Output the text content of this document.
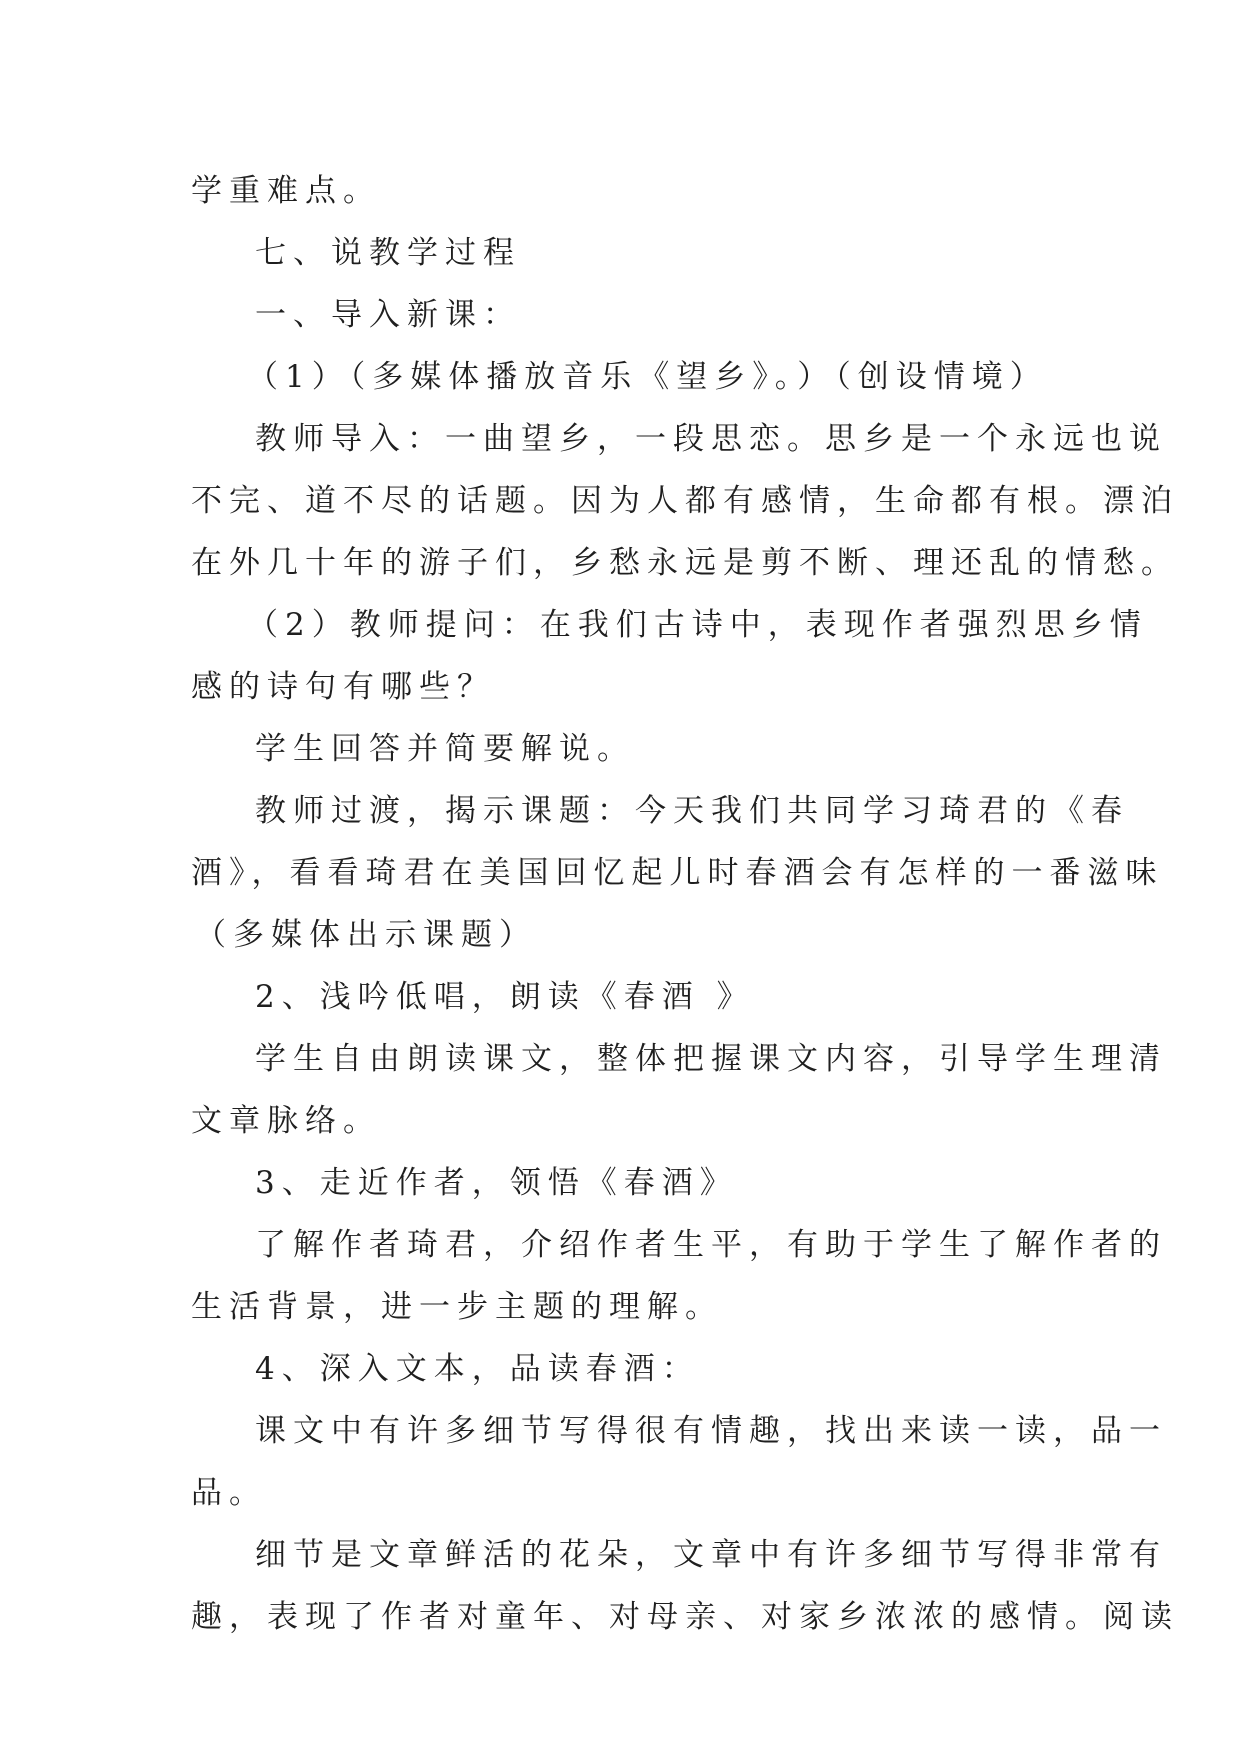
学重难点。
七、说教学过程
一、导入新课：
（1）（多媒体播放音乐《望乡》。）（创设情境）
教师导入：一曲望乡，一段思恋。思乡是一个永远也说
不完、道不尽的话题。因为人都有感情，生命都有根。漂泊
在外几十年的游子们，乡愁永远是剪不断、理还乱的情愁。
（2）教师提问：在我们古诗中，表现作者强烈思乡情
感的诗句有哪些？
学生回答并简要解说。
教师过渡，揭示课题：今天我们共同学习琦君的《春
酒》，看看琦君在美国回忆起儿时春酒会有怎样的一番滋味
（多媒体出示课题）
2、浅吟低唱，朗读《春酒 》
学生自由朗读课文，整体把握课文内容，引导学生理清
文章脉络。
3、走近作者，领悟《春酒》
了解作者琦君，介绍作者生平，有助于学生了解作者的
生活背景，进一步主题的理解。
4、深入文本，品读春酒：
课文中有许多细节写得很有情趣，找出来读一读，品一
品。
细节是文章鲜活的花朵，文章中有许多细节写得非常有
趣，表现了作者对童年、对母亲、对家乡浓浓的感情。阅读
